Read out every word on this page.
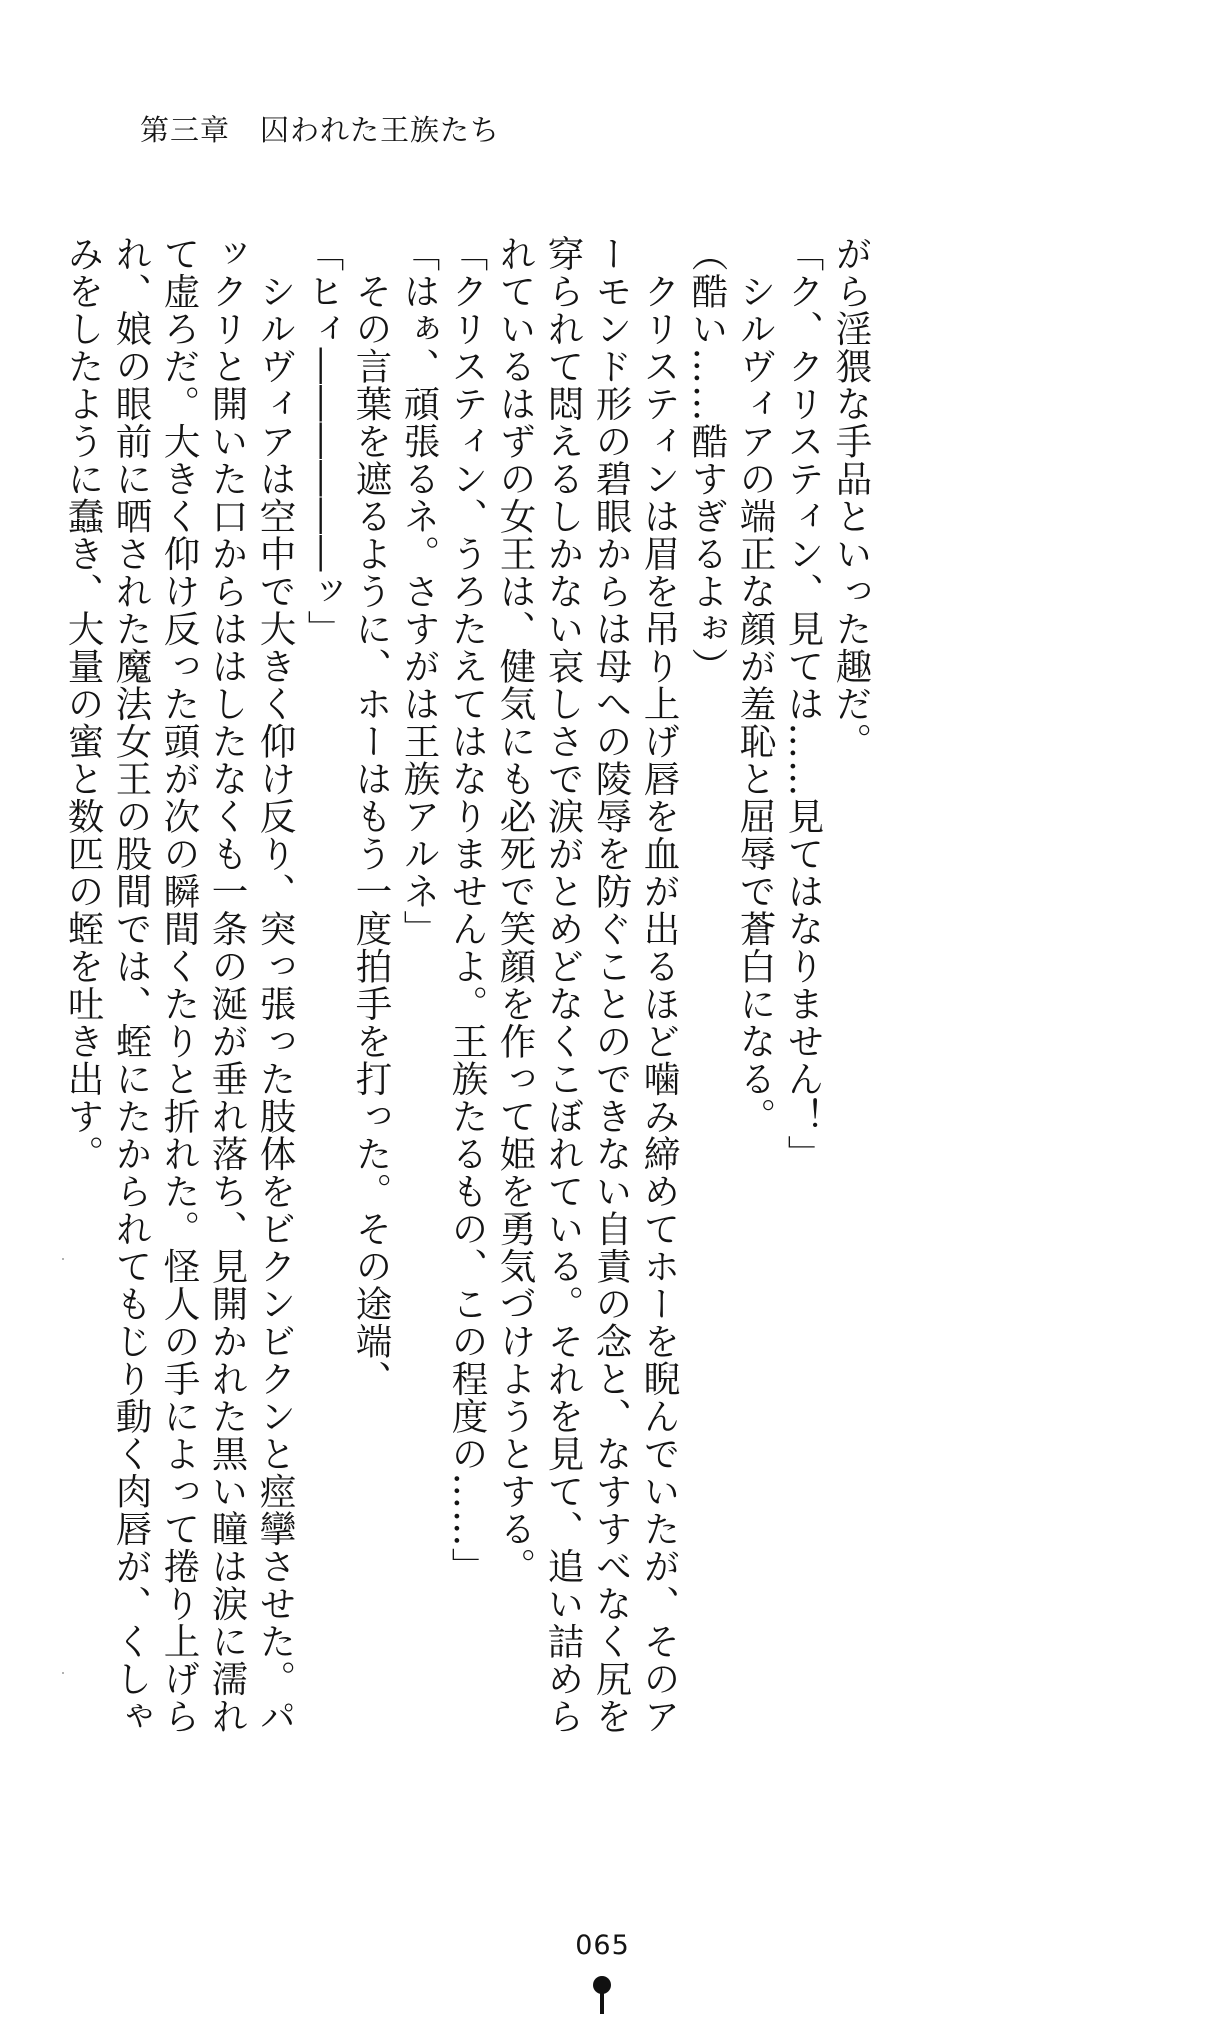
第三章　囚われた王族たち
がら淫猥な手品といった趣だ。
「ク、クリスティン、見ては……見てはなりません！」
　シルヴィアの端正な顔が羞恥と屈辱で蒼白になる。
（酷い……酷すぎるよぉ）
　クリスティンは眉を吊り上げ唇を血が出るほど噛み締めてホーを睨んでいたが、そのア
ーモンド形の碧眼からは母への陵辱を防ぐことのできない自責の念と、なすすべなく尻を
穿られて悶えるしかない哀しさで涙がとめどなくこぼれている。それを見て、追い詰めら
れているはずの女王は、健気にも必死で笑顔を作って姫を勇気づけようとする。
「クリスティン、うろたえてはなりませんよ。王族たるもの、この程度の……」
「はぁ、頑張るネ。さすがは王族アルネ」
　その言葉を遮るように、ホーはもう一度拍手を打った。その途端、
「ヒィ――――――ッ」
　シルヴィアは空中で大きく仰け反り、突っ張った肢体をビクンビクンと痙攣させた。パ
ックリと開いた口からははしたなくも一条の涎が垂れ落ち、見開かれた黒い瞳は涙に濡れ
て虚ろだ。大きく仰け反った頭が次の瞬間くたりと折れた。怪人の手によって捲り上げら
れ、娘の眼前に晒された魔法女王の股間では、蛭にたかられてもじり動く肉唇が、くしゃ
みをしたように蠢き、大量の蜜と数匹の蛭を吐き出す。
065
